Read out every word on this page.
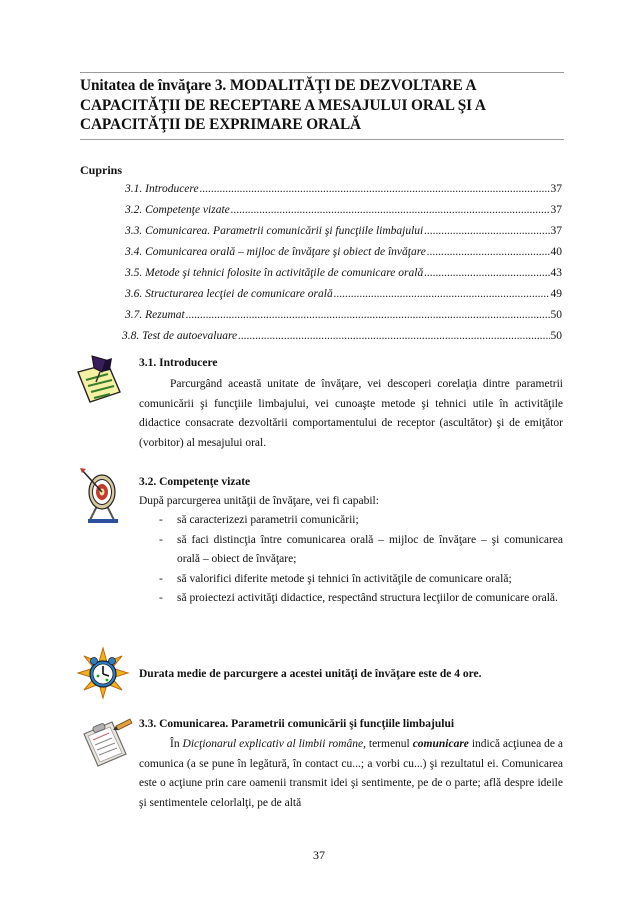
Unitatea de învăţare 3. MODALITĂŢI DE DEZVOLTARE A
CAPACITĂŢII DE RECEPTARE A MESAJULUI ORAL ŞI A
CAPACITĂŢII DE EXPRIMARE ORALĂ
Cuprins
3.1. Introducere .....	37
3.2. Competenţe vizate .....	37
3.3. Comunicarea. Parametrii comunicării şi funcţiile limbajului .....	37
3.4. Comunicarea orală – mijloc de învăţare şi obiect de învăţare .....	40
3.5. Metode şi tehnici folosite în activităţile de comunicare orală .....	43
3.6. Structurarea lecţiei de comunicare orală .....	49
3.7. Rezumat .....	50
3.8. Test de autoevaluare .....	50
3.1. Introducere
Parcurgând această unitate de învăţare, vei descoperi corelaţia dintre parametrii comunicării şi funcţiile limbajului, vei cunoaşte metode şi tehnici utile în activităţile didactice consacrate dezvoltării comportamentului de receptor (ascultător) şi de emiţător (vorbitor) al mesajului oral.
3.2. Competenţe vizate
După parcurgerea unităţii de învăţare, vei fi capabil:
- să caracterizezi parametrii comunicării;
- să faci distincţia între comunicarea orală – mijloc de învăţare – şi comunicarea orală – obiect de învăţare;
- să valorifici diferite metode şi tehnici în activităţile de comunicare orală;
- să proiectezi activităţi didactice, respectând structura lecţiilor de comunicare orală.
Durata medie de parcurgere a acestei unităţi de învăţare este de 4 ore.
3.3. Comunicarea. Parametrii comunicării şi funcţiile limbajului
În Dicţionarul explicativ al limbii române, termenul comunicare indică acţiunea de a comunica (a se pune în legătură, în contact cu...; a vorbi cu...) şi rezultatul ei. Comunicarea este o acţiune prin care oamenii transmit idei şi sentimente, pe de o parte; află despre ideile şi sentimentele celorlalţi, pe de altă
37
